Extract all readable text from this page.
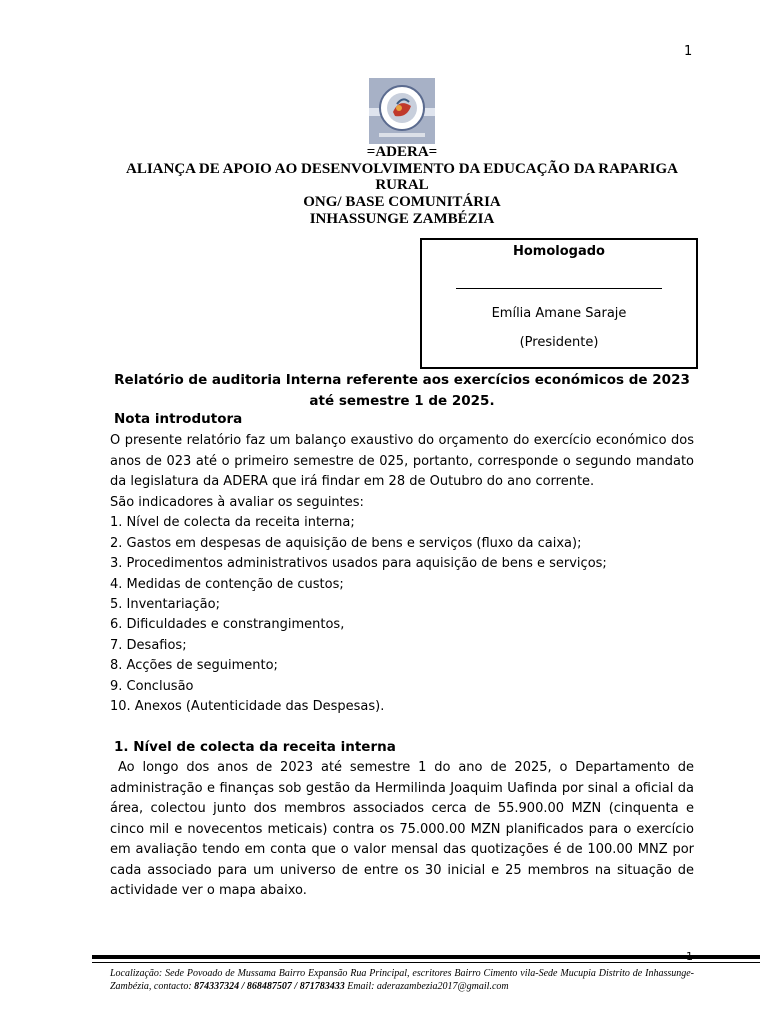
1
=ADERA=
ALIANÇA DE APOIO AO DESENVOLVIMENTO DA EDUCAÇÃO DA RAPARIGA
RURAL
ONG/ BASE COMUNITÁRIA
INHASSUNGE ZAMBÉZIA
Homologado
Emília Amane Saraje
(Presidente)
Relatório de auditoria Interna referente aos exercícios económicos de 2023 até semestre 1 de 2025.
Nota introdutora
O presente relatório faz um balanço exaustivo do orçamento do exercício económico dos anos de 023 até o primeiro semestre de 025, portanto, corresponde o segundo mandato da legislatura da ADERA que irá findar em 28 de Outubro do ano corrente.
São indicadores à avaliar os seguintes:
1. Nível de colecta da receita interna;
2. Gastos em despesas de aquisição de bens e serviços (fluxo da caixa);
3. Procedimentos administrativos usados para aquisição de bens e serviços;
4. Medidas de contenção de custos;
5. Inventariação;
6. Dificuldades e constrangimentos,
7. Desafios;
8. Acções de seguimento;
9. Conclusão
10. Anexos (Autenticidade das Despesas).
1. Nível de colecta da receita interna
Ao longo dos anos de 2023 até semestre 1 do ano de 2025, o Departamento de administração e finanças sob gestão da Hermilinda Joaquim Uafinda por sinal a oficial da área, colectou junto dos membros associados cerca de 55.900.00 MZN (cinquenta e cinco mil e novecentos meticais) contra os 75.000.00 MZN planificados para o exercício em avaliação tendo em conta que o valor mensal das quotizações é de 100.00 MNZ por cada associado para um universo de entre os 30 inicial e 25 membros na situação de actividade ver o mapa abaixo.
1
Localização: Sede Povoado de Mussama Bairro Expansão Rua Principal, escritores Bairro Cimento vila-Sede Mucupia Distrito de Inhassunge-Zambézia, contacto: 874337324 / 868487507 / 871783433 Email: aderazambezia2017@gmail.com
